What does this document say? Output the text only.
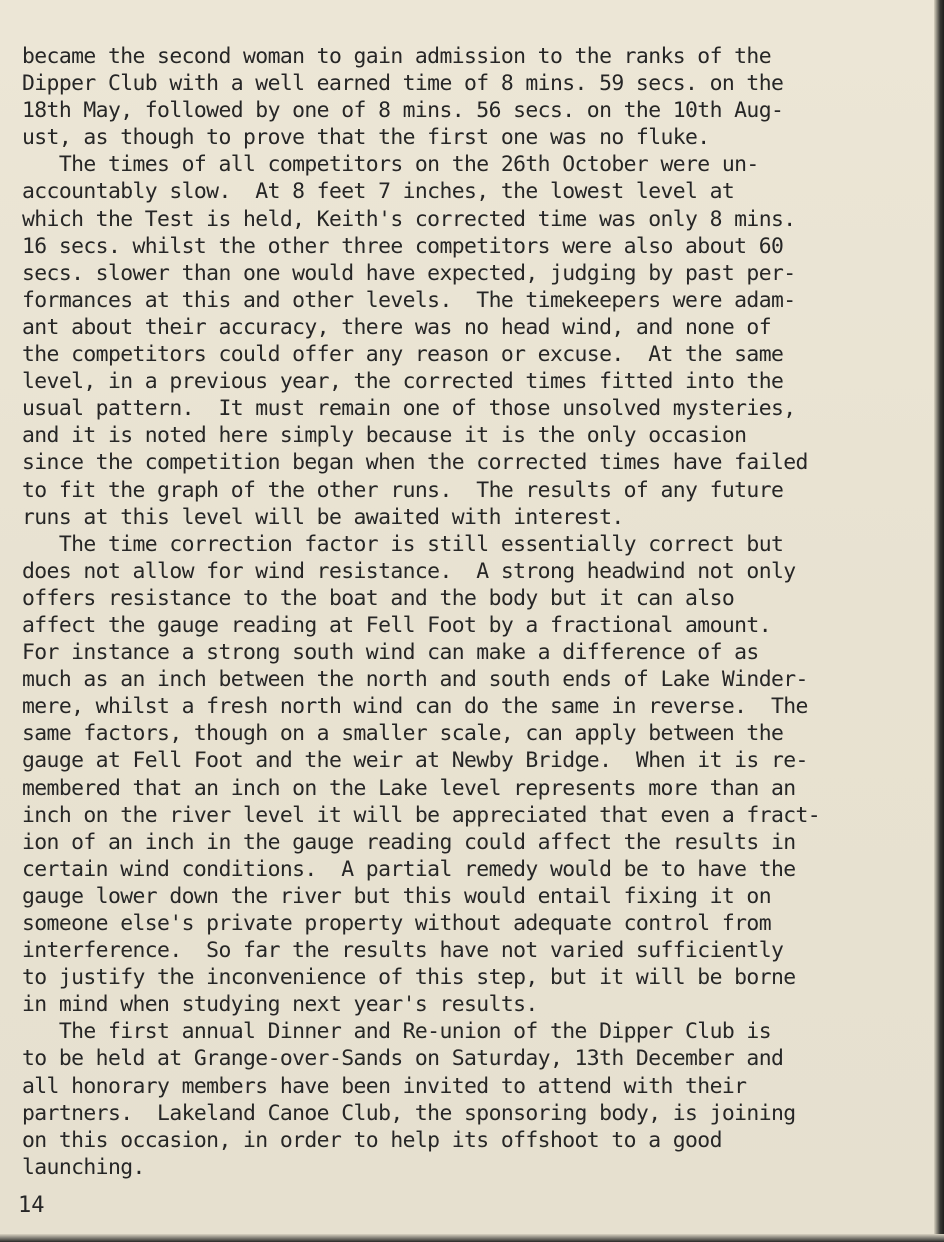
became the second woman to gain admission to the ranks of the
Dipper Club with a well earned time of 8 mins. 59 secs. on the
18th May, followed by one of 8 mins. 56 secs. on the 10th Aug-
ust, as though to prove that the first one was no fluke.
The times of all competitors on the 26th October were un-
accountably slow.  At 8 feet 7 inches, the lowest level at
which the Test is held, Keith's corrected time was only 8 mins.
16 secs. whilst the other three competitors were also about 60
secs. slower than one would have expected, judging by past per-
formances at this and other levels.  The timekeepers were adam-
ant about their accuracy, there was no head wind, and none of
the competitors could offer any reason or excuse.  At the same
level, in a previous year, the corrected times fitted into the
usual pattern.  It must remain one of those unsolved mysteries,
and it is noted here simply because it is the only occasion
since the competition began when the corrected times have failed
to fit the graph of the other runs.  The results of any future
runs at this level will be awaited with interest.
The time correction factor is still essentially correct but
does not allow for wind resistance.  A strong headwind not only
offers resistance to the boat and the body but it can also
affect the gauge reading at Fell Foot by a fractional amount.
For instance a strong south wind can make a difference of as
much as an inch between the north and south ends of Lake Winder-
mere, whilst a fresh north wind can do the same in reverse.  The
same factors, though on a smaller scale, can apply between the
gauge at Fell Foot and the weir at Newby Bridge.  When it is re-
membered that an inch on the Lake level represents more than an
inch on the river level it will be appreciated that even a fract-
ion of an inch in the gauge reading could affect the results in
certain wind conditions.  A partial remedy would be to have the
gauge lower down the river but this would entail fixing it on
someone else's private property without adequate control from
interference.  So far the results have not varied sufficiently
to justify the inconvenience of this step, but it will be borne
in mind when studying next year's results.
The first annual Dinner and Re-union of the Dipper Club is
to be held at Grange-over-Sands on Saturday, 13th December and
all honorary members have been invited to attend with their
partners.  Lakeland Canoe Club, the sponsoring body, is joining
on this occasion, in order to help its offshoot to a good
launching.
14
